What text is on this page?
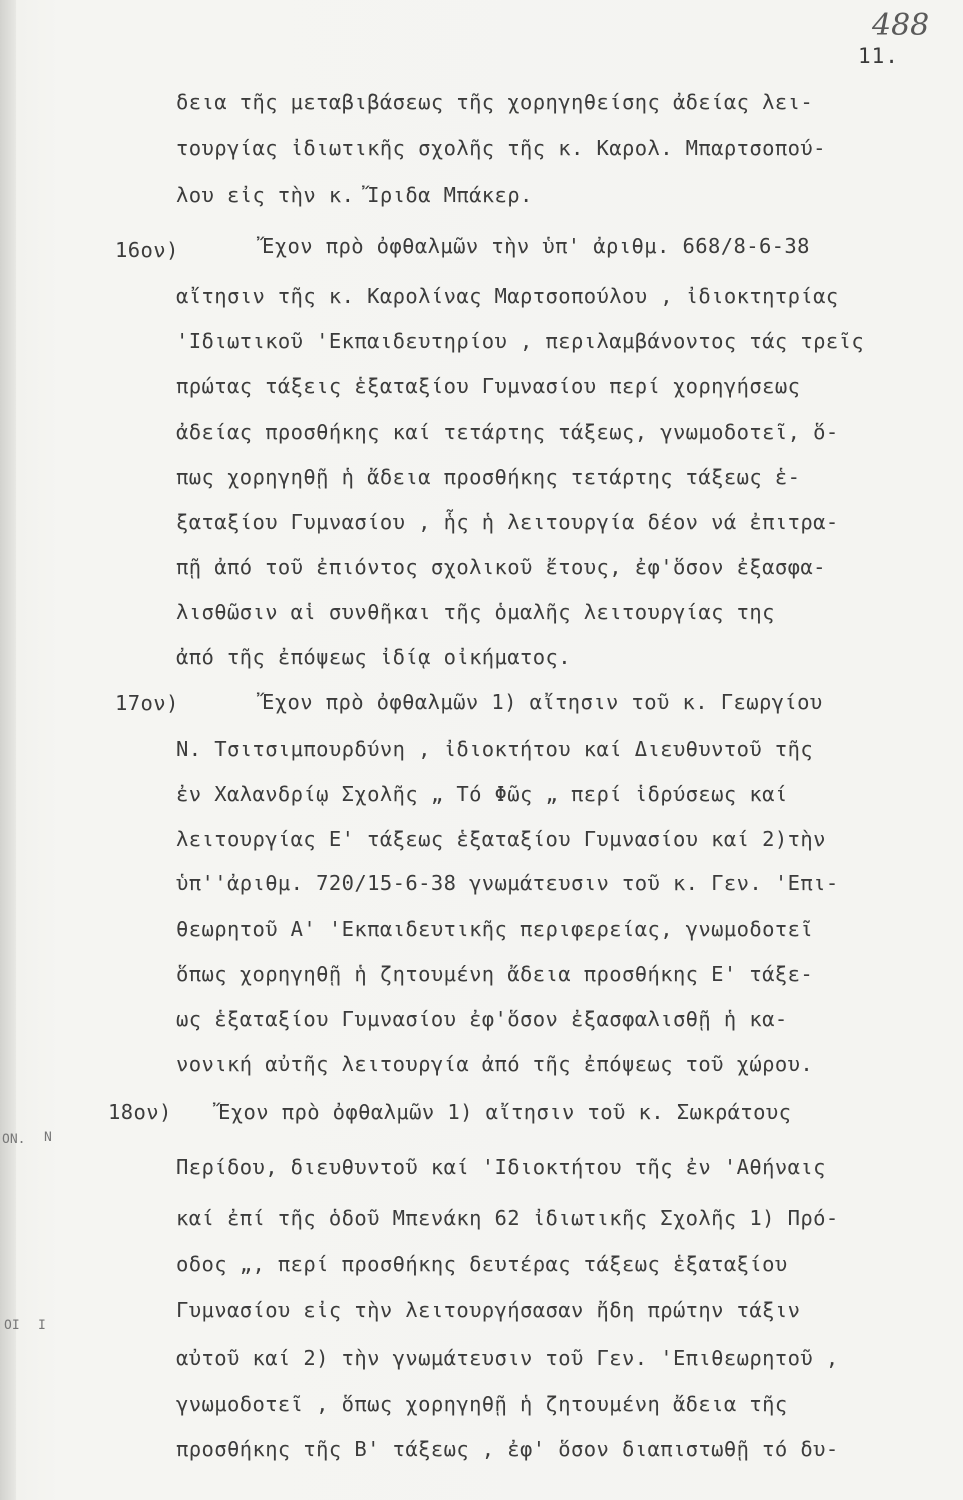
488
11.
ΟΝ. Ν
ΟΙ Ι
16ον)
17ον)
18ον)
δεια τῆς μεταβιβάσεως τῆς χορηγηθείσης ἀδείας λει-
τουργίας ἰδιωτικῆς σχολῆς τῆς κ. Καρολ. Μπαρτσοπού-
λου εἰς τὴν κ. Ἴριδα Μπάκερ.
Ἔχον πρὸ ὀφθαλμῶν τὴν ὑπ' ἀριθμ. 668/8-6-38
αἴτησιν τῆς κ. Καρολίνας Μαρτσοπούλου , ἰδιοκτητρίας
'Ιδιωτικοῦ 'Εκπαιδευτηρίου , περιλαμβάνοντος τάς τρεῖς
πρώτας τάξεις ἑξαταξίου Γυμνασίου περί χορηγήσεως
ἀδείας προσθήκης καί τετάρτης τάξεως, γνωμοδοτεῖ, ὅ-
πως χορηγηθῇ ἡ ἄδεια προσθήκης τετάρτης τάξεως ἑ-
ξαταξίου Γυμνασίου , ἧς ἡ λειτουργία δέον νά ἐπιτρα-
πῇ ἀπό τοῦ ἐπιόντος σχολικοῦ ἔτους, ἐφ'ὅσον ἐξασφα-
λισθῶσιν αἱ συνθῆκαι τῆς ὁμαλῆς λειτουργίας της
ἀπό τῆς ἐπόψεως ἰδίᾳ οἰκήματος.
Ἔχον πρὸ ὀφθαλμῶν 1) αἴτησιν τοῦ κ. Γεωργίου
Ν. Τσιτσιμπουρδύνη , ἰδιοκτήτου καί Διευθυντοῦ τῆς
ἐν Χαλανδρίῳ Σχολῆς „ Τό Φῶς „ περί ἱδρύσεως καί
λειτουργίας Ε' τάξεως ἑξαταξίου Γυμνασίου καί 2)τὴν
ὑπ''ἀριθμ. 720/15-6-38 γνωμάτευσιν τοῦ κ. Γεν. 'Επι-
θεωρητοῦ Α' 'Εκπαιδευτικῆς περιφερείας, γνωμοδοτεῖ
ὅπως χορηγηθῇ ἡ ζητουμένη ἄδεια προσθήκης Ε' τάξε-
ως ἑξαταξίου Γυμνασίου ἐφ'ὅσον ἐξασφαλισθῇ ἡ κα-
νονική αὐτῆς λειτουργία ἀπό τῆς ἐπόψεως τοῦ χώρου.
Ἔχον πρὸ ὀφθαλμῶν 1) αἴτησιν τοῦ κ. Σωκράτους
Περίδου, διευθυντοῦ καί 'Ιδιοκτήτου τῆς ἐν 'Αθήναις
καί ἐπί τῆς ὁδοῦ Μπενάκη 62 ἰδιωτικῆς Σχολῆς 1) Πρό-
οδος „, περί προσθήκης δευτέρας τάξεως ἑξαταξίου
Γυμνασίου εἰς τὴν λειτουργήσασαν ἤδη πρώτην τάξιν
αὐτοῦ καί 2) τὴν γνωμάτευσιν τοῦ Γεν. 'Επιθεωρητοῦ ,
γνωμοδοτεῖ , ὅπως χορηγηθῇ ἡ ζητουμένη ἄδεια τῆς
προσθήκης τῆς Β' τάξεως , ἐφ' ὅσον διαπιστωθῇ τό δυ-
